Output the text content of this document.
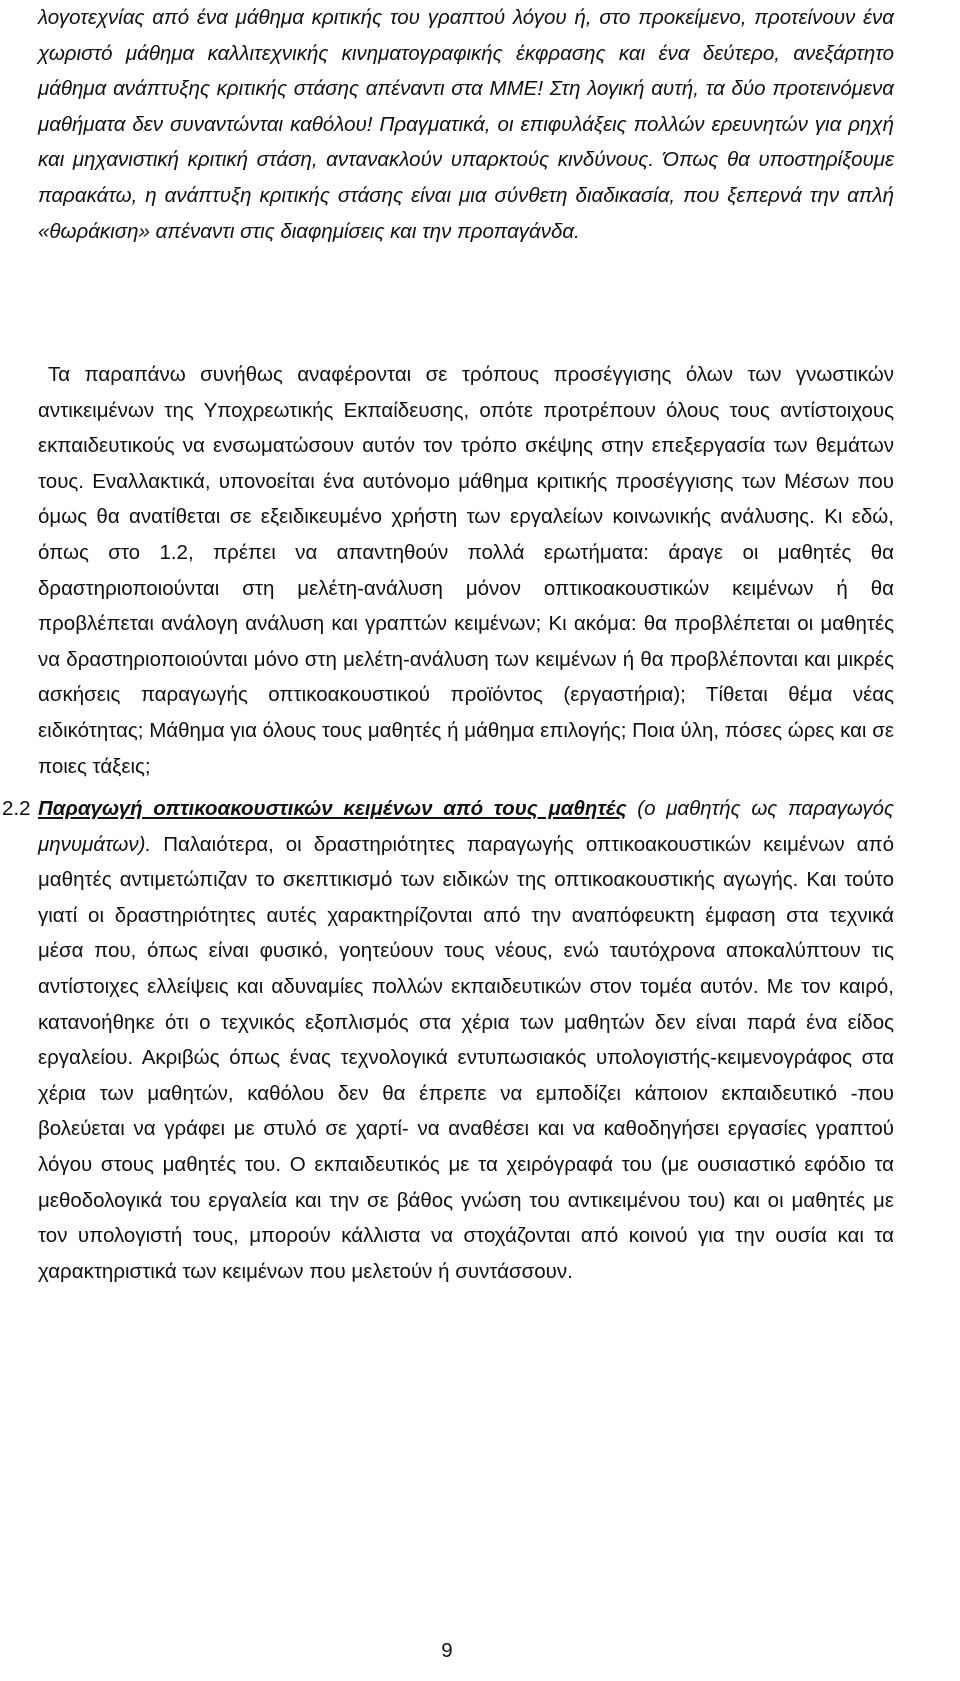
λογοτεχνίας από ένα μάθημα κριτικής του γραπτού λόγου ή, στο προκείμενο, προτείνουν ένα χωριστό μάθημα καλλιτεχνικής κινηματογραφικής έκφρασης και ένα δεύτερο, ανεξάρτητο μάθημα ανάπτυξης κριτικής στάσης απέναντι στα ΜΜΕ! Στη λογική αυτή, τα δύο προτεινόμενα μαθήματα δεν συναντώνται καθόλου! Πραγματικά, οι επιφυλάξεις πολλών ερευνητών για ρηχή και μηχανιστική κριτική στάση, αντανακλούν υπαρκτούς κινδύνους. Όπως θα υποστηρίξουμε παρακάτω, η ανάπτυξη κριτικής στάσης είναι μια σύνθετη διαδικασία, που ξεπερνά την απλή «θωράκιση» απέναντι στις διαφημίσεις και την προπαγάνδα.

Τα παραπάνω συνήθως αναφέρονται σε τρόπους προσέγγισης όλων των γνωστικών αντικειμένων της Υποχρεωτικής Εκπαίδευσης, οπότε προτρέπουν όλους τους αντίστοιχους εκπαιδευτικούς να ενσωματώσουν αυτόν τον τρόπο σκέψης στην επεξεργασία των θεμάτων τους. Εναλλακτικά, υπονοείται ένα αυτόνομο μάθημα κριτικής προσέγγισης των Μέσων που όμως θα ανατίθεται σε εξειδικευμένο χρήστη των εργαλείων κοινωνικής ανάλυσης. Κι εδώ, όπως στο 1.2, πρέπει να απαντηθούν πολλά ερωτήματα: άραγε οι μαθητές θα δραστηριοποιούνται στη μελέτη-ανάλυση μόνον οπτικοακουστικών κειμένων ή θα προβλέπεται ανάλογη ανάλυση και γραπτών κειμένων; Κι ακόμα: θα προβλέπεται οι μαθητές να δραστηριοποιούνται μόνο στη μελέτη-ανάλυση των κειμένων ή θα προβλέπονται και μικρές ασκήσεις παραγωγής οπτικοακουστικού προϊόντος (εργαστήρια); Τίθεται θέμα νέας ειδικότητας; Μάθημα για όλους τους μαθητές ή μάθημα επιλογής; Ποια ύλη, πόσες ώρες και σε ποιες τάξεις;

2.2 Παραγωγή οπτικοακουστικών κειμένων από τους μαθητές (ο μαθητής ως παραγωγός μηνυμάτων). Παλαιότερα, οι δραστηριότητες παραγωγής οπτικοακουστικών κειμένων από μαθητές αντιμετώπιζαν το σκεπτικισμό των ειδικών της οπτικοακουστικής αγωγής. Και τούτο γιατί οι δραστηριότητες αυτές χαρακτηρίζονται από την αναπόφευκτη έμφαση στα τεχνικά μέσα που, όπως είναι φυσικό, γοητεύουν τους νέους, ενώ ταυτόχρονα αποκαλύπτουν τις αντίστοιχες ελλείψεις και αδυναμίες πολλών εκπαιδευτικών στον τομέα αυτόν. Με τον καιρό, κατανοήθηκε ότι ο τεχνικός εξοπλισμός στα χέρια των μαθητών δεν είναι παρά ένα είδος εργαλείου. Ακριβώς όπως ένας τεχνολογικά εντυπωσιακός υπολογιστής-κειμενογράφος στα χέρια των μαθητών, καθόλου δεν θα έπρεπε να εμποδίζει κάποιον εκπαιδευτικό -που βολεύεται να γράφει με στυλό σε χαρτί- να αναθέσει και να καθοδηγήσει εργασίες γραπτού λόγου στους μαθητές του. Ο εκπαιδευτικός με τα χειρόγραφά του (με ουσιαστικό εφόδιο τα μεθοδολογικά του εργαλεία και την σε βάθος γνώση του αντικειμένου του) και οι μαθητές με τον υπολογιστή τους, μπορούν κάλλιστα να στοχάζονται από κοινού για την ουσία και τα χαρακτηριστικά των κειμένων που μελετούν ή συντάσσουν.

9
